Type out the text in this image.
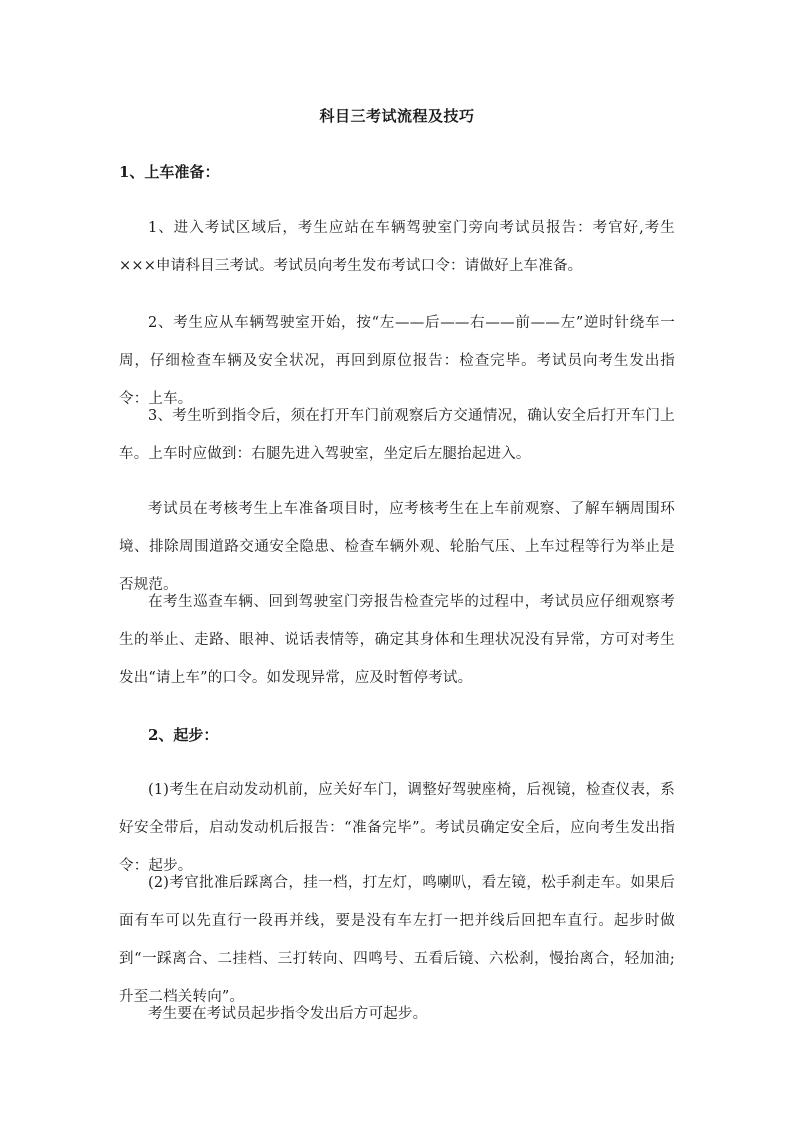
科目三考试流程及技巧
1、上车准备：

1、进入考试区域后，考生应站在车辆驾驶室门旁向考试员报告：考官好,考生×××申请科目三考试。考试员向考生发布考试口令：请做好上车准备。

2、考生应从车辆驾驶室开始，按“左——后——右——前——左”逆时针绕车一周，仔细检查车辆及安全状况，再回到原位报告：检查完毕。考试员向考生发出指令：上车。

3、考生听到指令后，须在打开车门前观察后方交通情况，确认安全后打开车门上车。上车时应做到：右腿先进入驾驶室，坐定后左腿抬起进入。

考试员在考核考生上车准备项目时，应考核考生在上车前观察、了解车辆周围环境、排除周围道路交通安全隐患、检查车辆外观、轮胎气压、上车过程等行为举止是否规范。

在考生巡查车辆、回到驾驶室门旁报告检查完毕的过程中，考试员应仔细观察考生的举止、走路、眼神、说话表情等，确定其身体和生理状况没有异常，方可对考生发出“请上车”的口令。如发现异常，应及时暂停考试。

2、起步：

(1)考生在启动发动机前，应关好车门，调整好驾驶座椅，后视镜，检查仪表，系好安全带后，启动发动机后报告：“准备完毕”。考试员确定安全后，应向考生发出指令：起步。

(2)考官批准后踩离合，挂一档，打左灯，鸣喇叭，看左镜，松手刹走车。如果后面有车可以先直行一段再并线，要是没有车左打一把并线后回把车直行。起步时做到“一踩离合、二挂档、三打转向、四鸣号、五看后镜、六松刹，慢抬离合，轻加油;升至二档关转向”。

考生要在考试员起步指令发出后方可起步。
